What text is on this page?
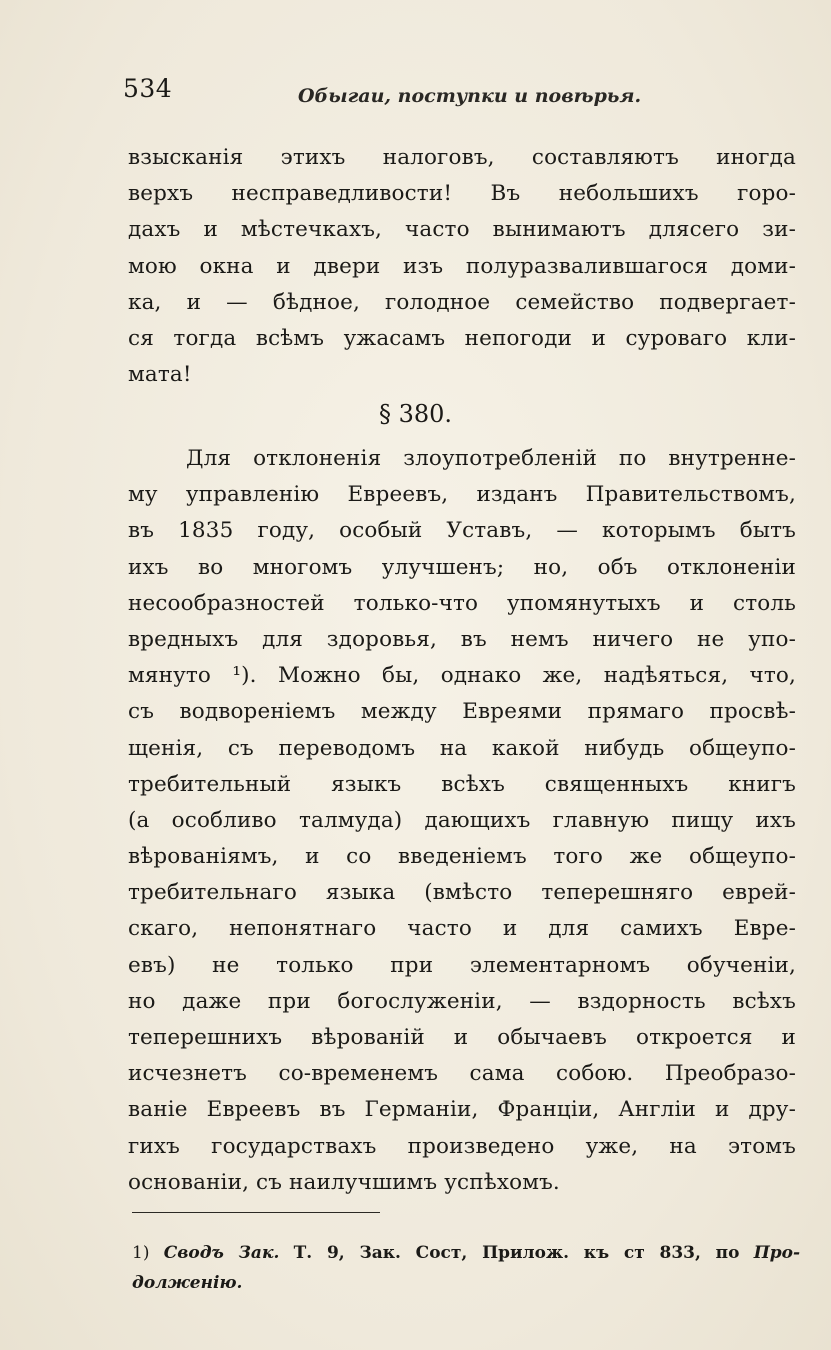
534	Обыгаи, поступки и повѣрья.
взысканія этихъ налоговъ, составляютъ иногда
верхъ несправедливости! Въ небольшихъ горо-
дахъ и мѣстечкахъ, часто вынимаютъ длясего зи-
мою окна и двери изъ полуразвалившагося доми-
ка, и — бѣдное, голодное семейство подвергает-
ся тогда всѣмъ ужасамъ непогоди и суроваго кли-
мата!
§ 380.
Для отклоненія злоупотребленій по внутренне-
му управленію Евреевъ, изданъ Правительствомъ,
въ 1835 году, особый Уставъ, — которымъ бытъ
ихъ во многомъ улучшенъ; но, объ отклоненіи
несообразностей только-что упомянутыхъ и столь
вредныхъ для здоровья, въ немъ ничего не упо-
мянуто ¹). Можно бы, однако же, надѣяться, что,
съ водвореніемъ между Евреями прямаго просвѣ-
щенія, съ переводомъ на какой нибудь общеупо-
требительный языкъ всѣхъ священныхъ книгъ
(а особливо талмуда) дающихъ главную пищу ихъ
вѣрованіямъ, и со введеніемъ того же общеупо-
требительнаго языка (вмѣсто теперешняго еврей-
скаго, непонятнаго часто и для самихъ Евре-
евъ) не только при элементарномъ обученіи,
но даже при богослуженіи, — вздорность всѣхъ
теперешнихъ вѣрованій и обычаевъ откроется и
исчезнетъ со-временемъ сама собою. Преобразо-
ваніе Евреевъ въ Германіи, Франціи, Англіи и дру-
гихъ государствахъ произведено уже, на этомъ
основаніи, съ наилучшимъ успѣхомъ.
1) Сводъ Зак. Т. 9, Зак. Сост, Прилож. къ ст 833, по Про-
долженію.
